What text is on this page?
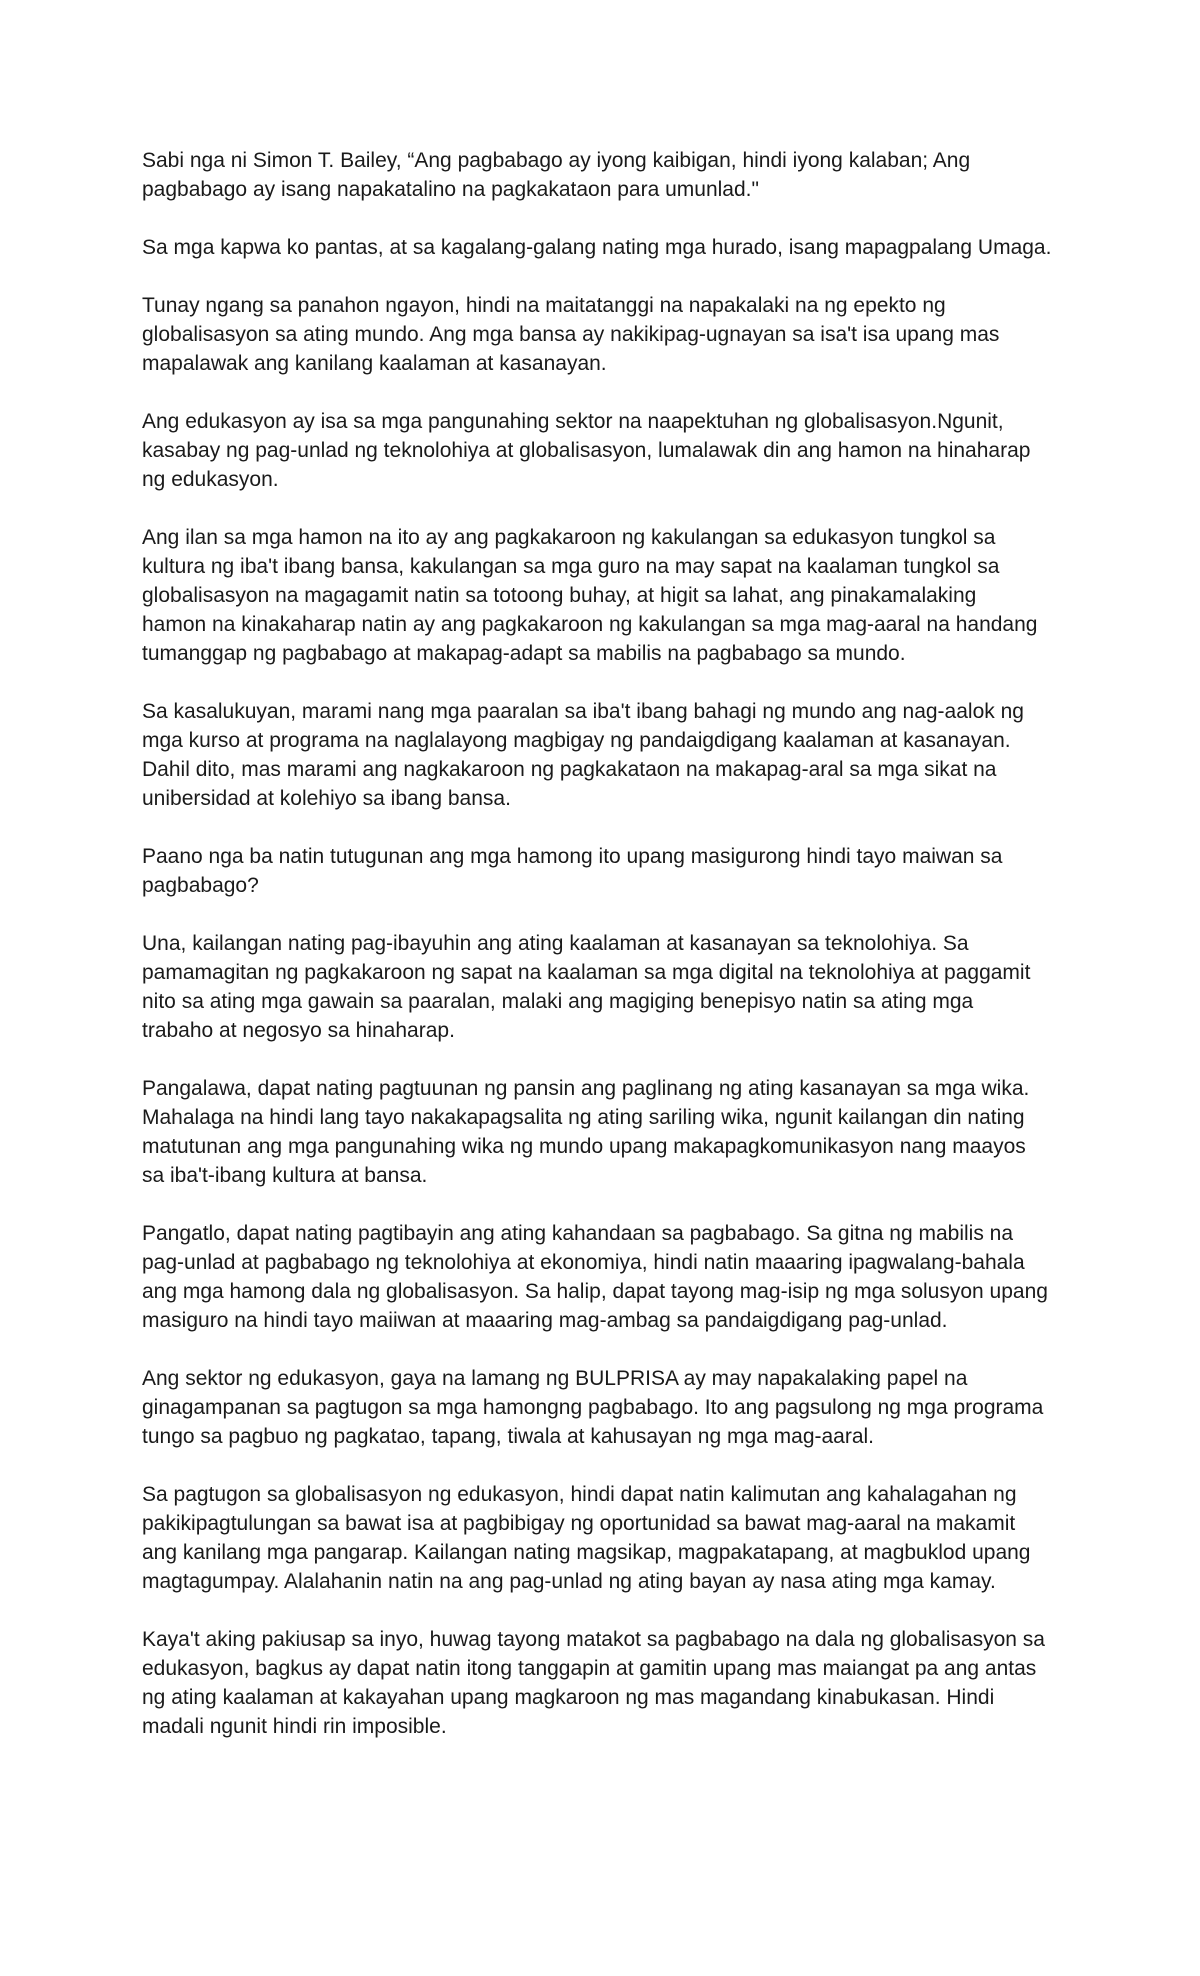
Sabi nga ni Simon T. Bailey, “Ang pagbabago ay iyong kaibigan, hindi iyong kalaban; Ang
pagbabago ay isang napakatalino na pagkakataon para umunlad."

Sa mga kapwa ko pantas, at sa kagalang-galang nating mga hurado, isang mapagpalang Umaga.

Tunay ngang sa panahon ngayon, hindi na maitatanggi na napakalaki na ng epekto ng
globalisasyon sa ating mundo. Ang mga bansa ay nakikipag-ugnayan sa isa't isa upang mas
mapalawak ang kanilang kaalaman at kasanayan.

Ang edukasyon ay isa sa mga pangunahing sektor na naapektuhan ng globalisasyon.Ngunit,
kasabay ng pag-unlad ng teknolohiya at globalisasyon, lumalawak din ang hamon na hinaharap
ng edukasyon.

Ang ilan sa mga hamon na ito ay ang pagkakaroon ng kakulangan sa edukasyon tungkol sa
kultura ng iba't ibang bansa, kakulangan sa mga guro na may sapat na kaalaman tungkol sa
globalisasyon na magagamit natin sa totoong buhay, at higit sa lahat, ang pinakamalaking
hamon na kinakaharap natin ay ang pagkakaroon ng kakulangan sa mga mag-aaral na handang
tumanggap ng pagbabago at makapag-adapt sa mabilis na pagbabago sa mundo.

Sa kasalukuyan, marami nang mga paaralan sa iba't ibang bahagi ng mundo ang nag-aalok ng
mga kurso at programa na naglalayong magbigay ng pandaigdigang kaalaman at kasanayan.
Dahil dito, mas marami ang nagkakaroon ng pagkakataon na makapag-aral sa mga sikat na
unibersidad at kolehiyo sa ibang bansa.

Paano nga ba natin tutugunan ang mga hamong ito upang masigurong hindi tayo maiwan sa
pagbabago?

Una, kailangan nating pag-ibayuhin ang ating kaalaman at kasanayan sa teknolohiya. Sa
pamamagitan ng pagkakaroon ng sapat na kaalaman sa mga digital na teknolohiya at paggamit
nito sa ating mga gawain sa paaralan, malaki ang magiging benepisyo natin sa ating mga
trabaho at negosyo sa hinaharap.

Pangalawa, dapat nating pagtuunan ng pansin ang paglinang ng ating kasanayan sa mga wika.
Mahalaga na hindi lang tayo nakakapagsalita ng ating sariling wika, ngunit kailangan din nating
matutunan ang mga pangunahing wika ng mundo upang makapagkomunikasyon nang maayos
sa iba't-ibang kultura at bansa.

Pangatlo, dapat nating pagtibayin ang ating kahandaan sa pagbabago. Sa gitna ng mabilis na
pag-unlad at pagbabago ng teknolohiya at ekonomiya, hindi natin maaaring ipagwalang-bahala
ang mga hamong dala ng globalisasyon. Sa halip, dapat tayong mag-isip ng mga solusyon upang
masiguro na hindi tayo maiiwan at maaaring mag-ambag sa pandaigdigang pag-unlad.

Ang sektor ng edukasyon, gaya na lamang ng BULPRISA ay may napakalaking papel na
ginagampanan sa pagtugon sa mga hamongng pagbabago. Ito ang pagsulong ng mga programa
tungo sa pagbuo ng pagkatao, tapang, tiwala at kahusayan ng mga mag-aaral.

Sa pagtugon sa globalisasyon ng edukasyon, hindi dapat natin kalimutan ang kahalagahan ng
pakikipagtulungan sa bawat isa at pagbibigay ng oportunidad sa bawat mag-aaral na makamit
ang kanilang mga pangarap. Kailangan nating magsikap, magpakatapang, at magbuklod upang
magtagumpay. Alalahanin natin na ang pag-unlad ng ating bayan ay nasa ating mga kamay.

Kaya't aking pakiusap sa inyo, huwag tayong matakot sa pagbabago na dala ng globalisasyon sa
edukasyon, bagkus ay dapat natin itong tanggapin at gamitin upang mas maiangat pa ang antas
ng ating kaalaman at kakayahan upang magkaroon ng mas magandang kinabukasan. Hindi
madali ngunit hindi rin imposible.
